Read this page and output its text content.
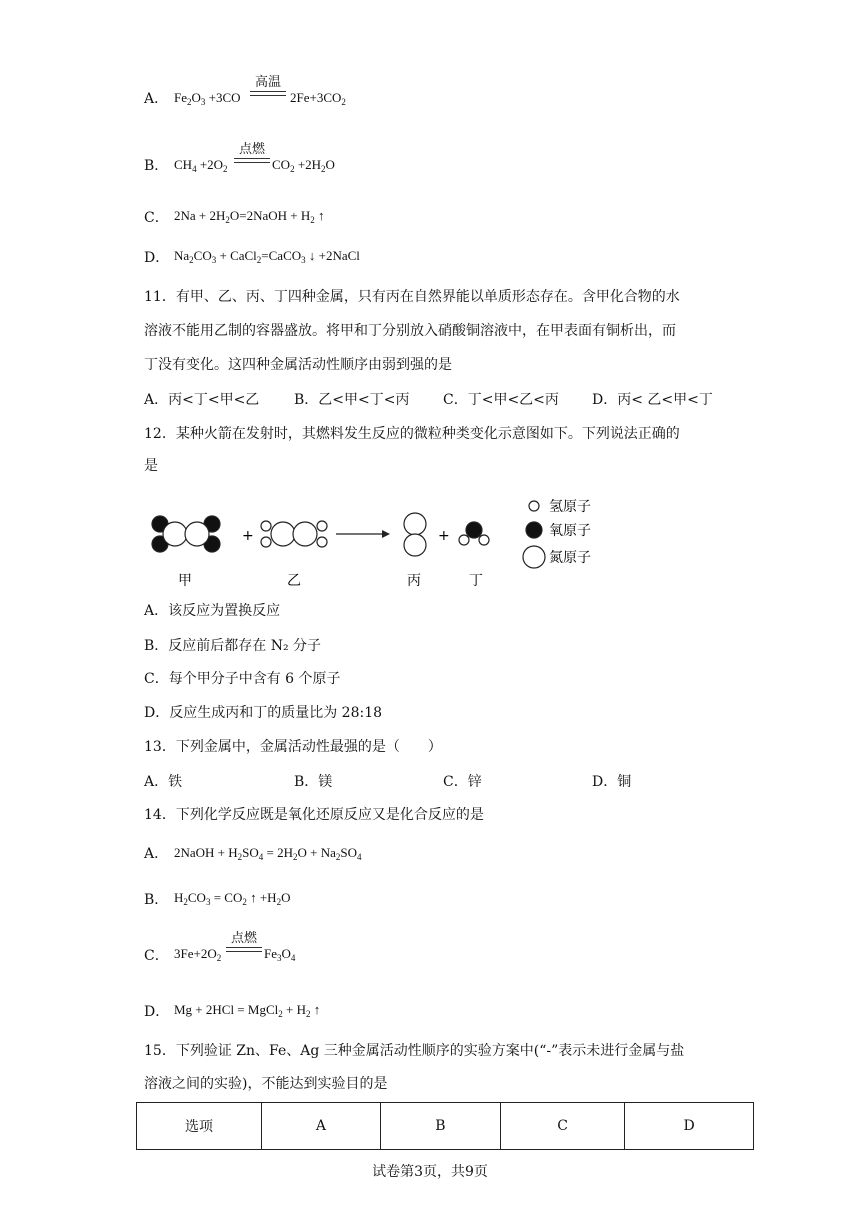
A． $Fe_2O_3 +3CO$
高温
$2Fe+3CO_2$
B． $CH_4 +2O_2$
点燃
$CO_2 +2H_2O$
C． $2Na + 2H_2O=2NaOH + H_2$ ↑
D． $Na_2CO_3$ + CaCl$_2$=CaCO$_3$ ↓ +2NaCl
11．有甲、乙、丙、丁四种金属，只有丙在自然界能以单质形态存在。含甲化合物的水
溶液不能用乙制的容器盛放。将甲和丁分别放入硝酸铜溶液中，在甲表面有铜析出，而
丁没有变化。这四种金属活动性顺序由弱到强的是
A．丙<丁<甲<乙 B．乙<甲<丁<丙 C．丁<甲<乙<丙 D．丙< 乙<甲<丁
12．某种火箭在发射时，其燃料发生反应的微粒种类变化示意图如下。下列说法正确的
是
+	+
甲	乙	丙	丁
氢原子
氧原子
氮原子
A．该反应为置换反应
B．反应前后都存在 N₂ 分子
C．每个甲分子中含有 6 个原子
D．反应生成丙和丁的质量比为 28:18
13．下列金属中，金属活动性最强的是（　　）
A．铁	B．镁	C．锌	D．铜
14．下列化学反应既是氧化还原反应又是化合反应的是
A． 2NaOH + $H_2SO_4 = 2H_2O + Na_2SO_4$
B． $H_2CO_3 = CO_2$ ↑ $+H_2O$
C． $3Fe+2O_2$
点燃
$Fe_3O_4$
D． Mg + 2HCl = MgCl$_2$ + $H_2$ ↑
15．下列验证 Zn、Fe、Ag 三种金属活动性顺序的实验方案中(“-”表示未进行金属与盐
溶液之间的实验)，不能达到实验目的是
选项	A	B	C	D
试卷第3页，共9页
